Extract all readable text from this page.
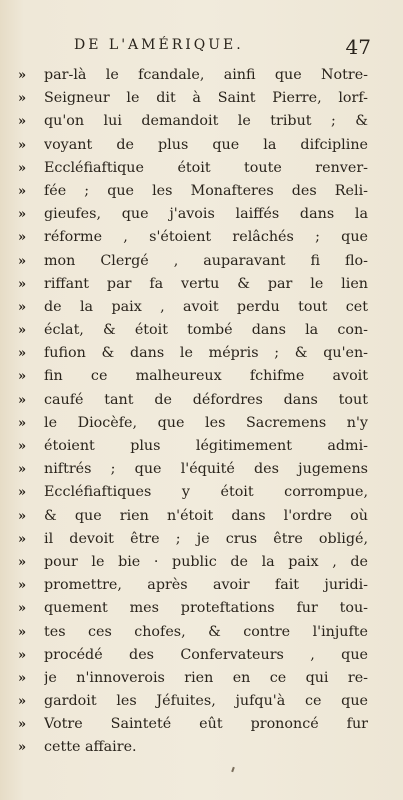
DE L'AMÉRIQUE.	47
»	par-là le fcandale, ainfi que Notre-
»	Seigneur le dit à Saint Pierre, lorf-
»	qu'on lui demandoit le tribut ; &
»	voyant de plus que la difcipline
»	Eccléfiaftique étoit toute renver-
»	fée ; que les Monafteres des Reli-
»	gieufes, que j'avois laiffés dans la
»	réforme , s'étoient relâchés ; que
»	mon Clergé , auparavant fi flo-
»	riffant par fa vertu & par le lien
»	de la paix , avoit perdu tout cet
»	éclat, & étoit tombé dans la con-
»	fufion & dans le mépris ; & qu'en-
»	fin ce malheureux fchifme avoit
»	caufé tant de défordres dans tout
»	le Diocèfe, que les Sacremens n'y
»	étoient plus légitimement admi-
»	niftrés ; que l'équité des jugemens
»	Eccléfiaftiques y étoit corrompue,
»	& que rien n'étoit dans l'ordre où
»	il devoit être ; je crus être obligé,
»	pour le bie · public de la paix , de
»	promettre, après avoir fait juridi-
»	quement mes proteftations fur tou-
»	tes ces chofes, & contre l'injufte
»	procédé des Confervateurs , que
»	je n'innoverois rien en ce qui re-
»	gardoit les Jéfuites, jufqu'à ce que
»	Votre Sainteté eût prononcé fur
»	cette affaire.
